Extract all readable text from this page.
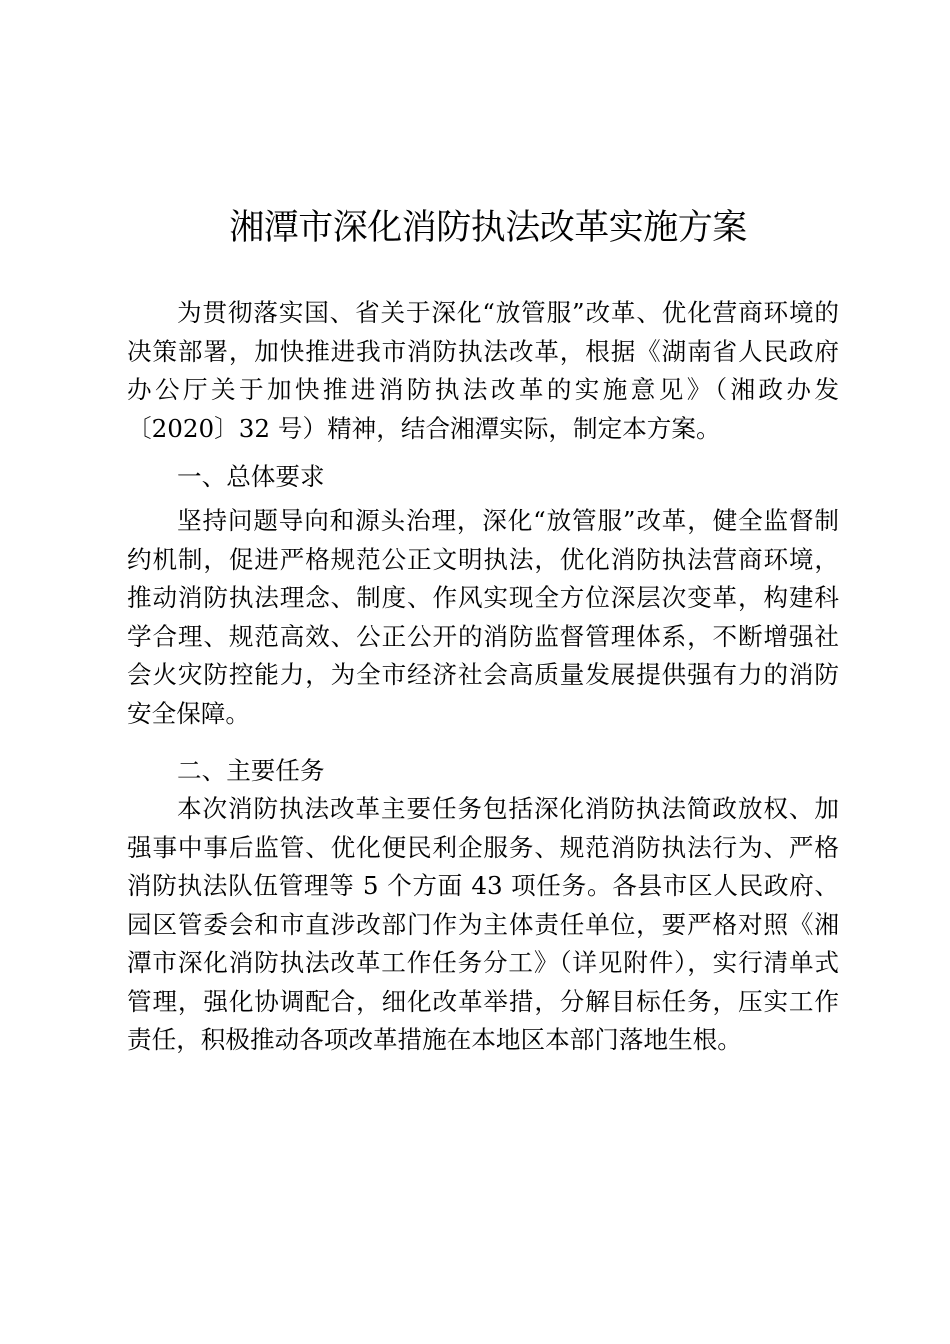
湘潭市深化消防执法改革实施方案

为贯彻落实国、省关于深化“放管服”改革、优化营商环境的决策部署，加快推进我市消防执法改革，根据《湖南省人民政府办公厅关于加快推进消防执法改革的实施意见》（湘政办发〔2020〕32 号）精神，结合湘潭实际，制定本方案。

一、总体要求

坚持问题导向和源头治理，深化“放管服”改革，健全监督制约机制，促进严格规范公正文明执法，优化消防执法营商环境，推动消防执法理念、制度、作风实现全方位深层次变革，构建科学合理、规范高效、公正公开的消防监督管理体系，不断增强社会火灾防控能力，为全市经济社会高质量发展提供强有力的消防安全保障。

二、主要任务

本次消防执法改革主要任务包括深化消防执法简政放权、加强事中事后监管、优化便民利企服务、规范消防执法行为、严格消防执法队伍管理等 5 个方面 43 项任务。各县市区人民政府、园区管委会和市直涉改部门作为主体责任单位，要严格对照《湘潭市深化消防执法改革工作任务分工》（详见附件），实行清单式管理，强化协调配合，细化改革举措，分解目标任务，压实工作责任，积极推动各项改革措施在本地区本部门落地生根。
